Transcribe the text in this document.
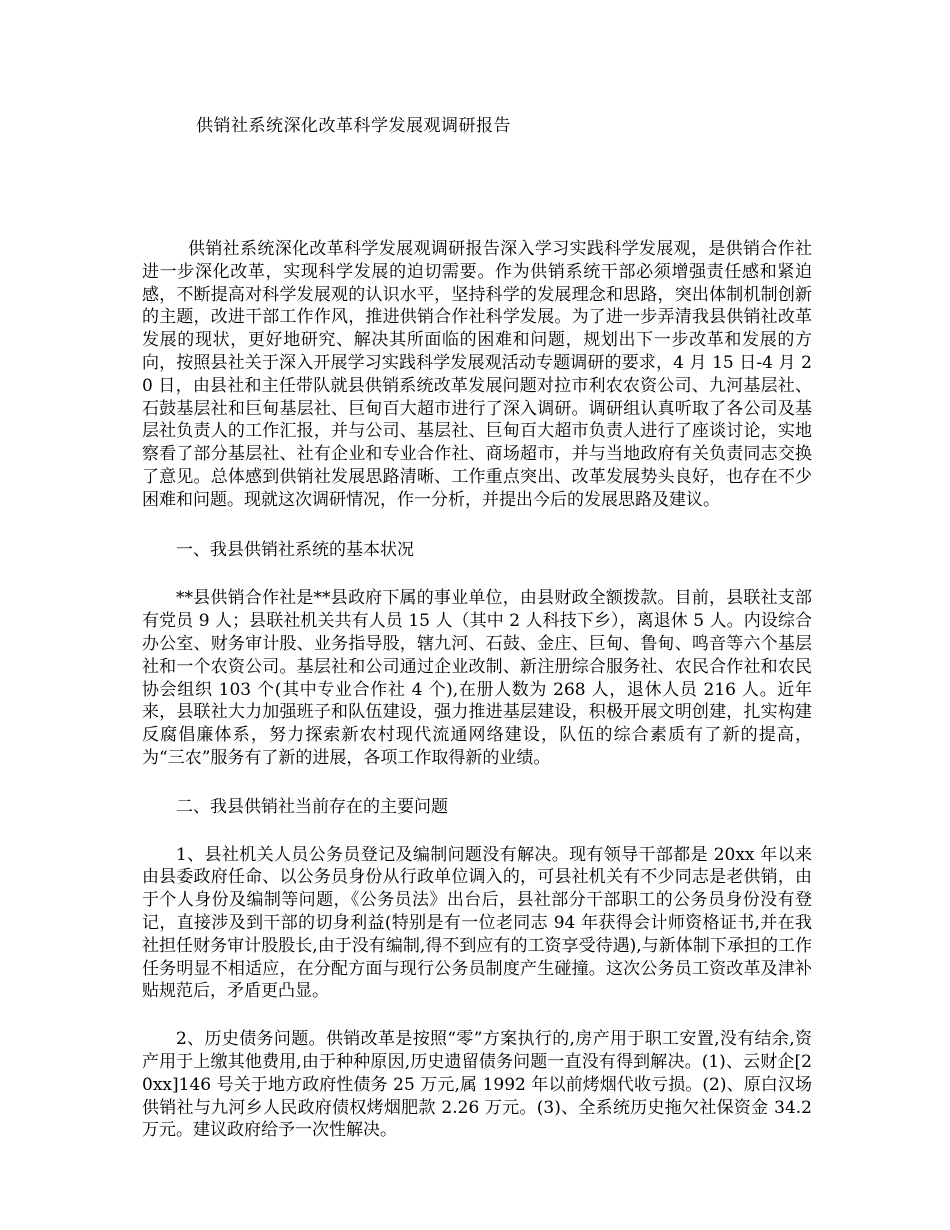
供销社系统深化改革科学发展观调研报告

供销社系统深化改革科学发展观调研报告深入学习实践科学发展观，是供销合作社进一步深化改革，实现科学发展的迫切需要。作为供销系统干部必须增强责任感和紧迫感，不断提高对科学发展观的认识水平，坚持科学的发展理念和思路，突出体制机制创新的主题，改进干部工作作风，推进供销合作社科学发展。为了进一步弄清我县供销社改革发展的现状，更好地研究、解决其所面临的困难和问题，规划出下一步改革和发展的方向，按照县社关于深入开展学习实践科学发展观活动专题调研的要求，4 月 15 日-4 月 20 日，由县社和主任带队就县供销系统改革发展问题对拉市利农农资公司、九河基层社、石鼓基层社和巨甸基层社、巨甸百大超市进行了深入调研。调研组认真听取了各公司及基层社负责人的工作汇报，并与公司、基层社、巨甸百大超市负责人进行了座谈讨论，实地察看了部分基层社、社有企业和专业合作社、商场超市，并与当地政府有关负责同志交换了意见。总体感到供销社发展思路清晰、工作重点突出、改革发展势头良好，也存在不少困难和问题。现就这次调研情况，作一分析，并提出今后的发展思路及建议。

一、我县供销社系统的基本状况

**县供销合作社是**县政府下属的事业单位，由县财政全额拨款。目前，县联社支部有党员 9 人；县联社机关共有人员 15 人（其中 2 人科技下乡），离退休 5 人。内设综合办公室、财务审计股、业务指导股，辖九河、石鼓、金庄、巨甸、鲁甸、鸣音等六个基层社和一个农资公司。基层社和公司通过企业改制、新注册综合服务社、农民合作社和农民协会组织 103 个(其中专业合作社 4 个),在册人数为 268 人，退休人员 216 人。近年来，县联社大力加强班子和队伍建设，强力推进基层建设，积极开展文明创建，扎实构建反腐倡廉体系，努力探索新农村现代流通网络建设，队伍的综合素质有了新的提高，为“三农”服务有了新的进展，各项工作取得新的业绩。

二、我县供销社当前存在的主要问题

1、县社机关人员公务员登记及编制问题没有解决。现有领导干部都是 20xx 年以来由县委政府任命、以公务员身份从行政单位调入的，可县社机关有不少同志是老供销，由于个人身份及编制等问题，《公务员法》出台后，县社部分干部职工的公务员身份没有登记，直接涉及到干部的切身利益(特别是有一位老同志 94 年获得会计师资格证书,并在我社担任财务审计股股长,由于没有编制,得不到应有的工资享受待遇),与新体制下承担的工作任务明显不相适应，在分配方面与现行公务员制度产生碰撞。这次公务员工资改革及津补贴规范后，矛盾更凸显。

2、历史债务问题。供销改革是按照“零”方案执行的,房产用于职工安置,没有结余,资产用于上缴其他费用,由于种种原因,历史遗留债务问题一直没有得到解决。(1)、云财企[20xx]146 号关于地方政府性债务 25 万元,属 1992 年以前烤烟代收亏损。(2)、原白汉场供销社与九河乡人民政府债权烤烟肥款 2.26 万元。(3)、全系统历史拖欠社保资金 34.2 万元。建议政府给予一次性解决。
